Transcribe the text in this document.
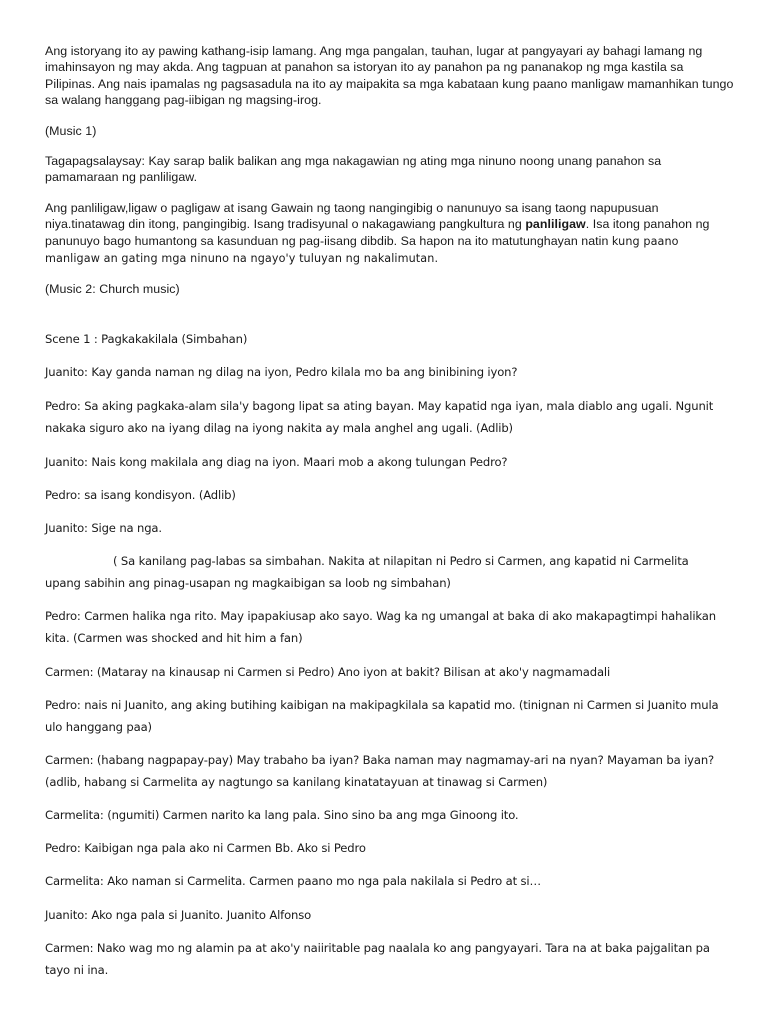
Ang istoryang ito ay pawing kathang-isip lamang. Ang mga pangalan, tauhan, lugar at pangyayari ay bahagi lamang ng imahinsayon ng may akda. Ang tagpuan at panahon sa istoryan ito ay panahon pa ng pananakop ng mga kastila sa Pilipinas. Ang nais ipamalas ng pagsasadula na ito ay maipakita sa mga kabataan kung paano manligaw mamanhikan tungo sa walang hanggang pag-iibigan ng magsing-irog.

(Music 1)

Tagapagsalaysay: Kay sarap balik balikan ang mga nakagawian ng ating mga ninuno noong unang panahon sa pamamaraan ng panliligaw.

Ang panliligaw,ligaw o pagligaw at isang Gawain ng taong nangingibig o nanunuyo sa isang taong napupusuan niya.tinatawag din itong, pangingibig. Isang tradisyunal o nakagawiang pangkultura ng panliligaw. Isa itong panahon ng panunuyo bago humantong sa kasunduan ng pag-iisang dibdib. Sa hapon na ito matutunghayan natin kung paano manligaw an gating mga ninuno na ngayo'y tuluyan ng nakalimutan.

(Music 2: Church music)

Scene 1 : Pagkakakilala (Simbahan)
Juanito: Kay ganda naman ng dilag na iyon, Pedro kilala mo ba ang binibining iyon?
Pedro: Sa aking pagkaka-alam sila'y bagong lipat sa ating bayan. May kapatid nga iyan, mala diablo ang ugali. Ngunit
nakaka siguro ako na iyang dilag na iyong nakita ay mala anghel ang ugali. (Adlib)
Juanito: Nais kong makilala ang diag na iyon. Maari mob a akong tulungan Pedro?
Pedro: sa isang kondisyon. (Adlib)
Juanito: Sige na nga.
( Sa kanilang pag-labas sa simbahan. Nakita at nilapitan ni Pedro si Carmen, ang kapatid ni Carmelita
upang sabihin ang pinag-usapan ng magkaibigan sa loob ng simbahan)
Pedro: Carmen halika nga rito. May ipapakiusap ako sayo. Wag ka ng umangal at baka di ako makapagtimpi hahalikan
kita. (Carmen was shocked and hit him a fan)
Carmen: (Mataray na kinausap ni Carmen si Pedro) Ano iyon at bakit? Bilisan at ako'y nagmamadali
Pedro: nais ni Juanito, ang aking butihing kaibigan na makipagkilala sa kapatid mo. (tinignan ni Carmen si Juanito mula
ulo hanggang paa)
Carmen: (habang nagpapay-pay) May trabaho ba iyan? Baka naman may nagmamay-ari na nyan? Mayaman ba iyan?
(adlib, habang si Carmelita ay nagtungo sa kanilang kinatatayuan at tinawag si Carmen)
Carmelita: (ngumiti) Carmen narito ka lang pala. Sino sino ba ang mga Ginoong ito.
Pedro: Kaibigan nga pala ako ni Carmen Bb. Ako si Pedro
Carmelita: Ako naman si Carmelita. Carmen paano mo nga pala nakilala si Pedro at si…
Juanito: Ako nga pala si Juanito. Juanito Alfonso
Carmen: Nako wag mo ng alamin pa at ako'y naiiritable pag naalala ko ang pangyayari. Tara na at baka pajgalitan pa
tayo ni ina.
